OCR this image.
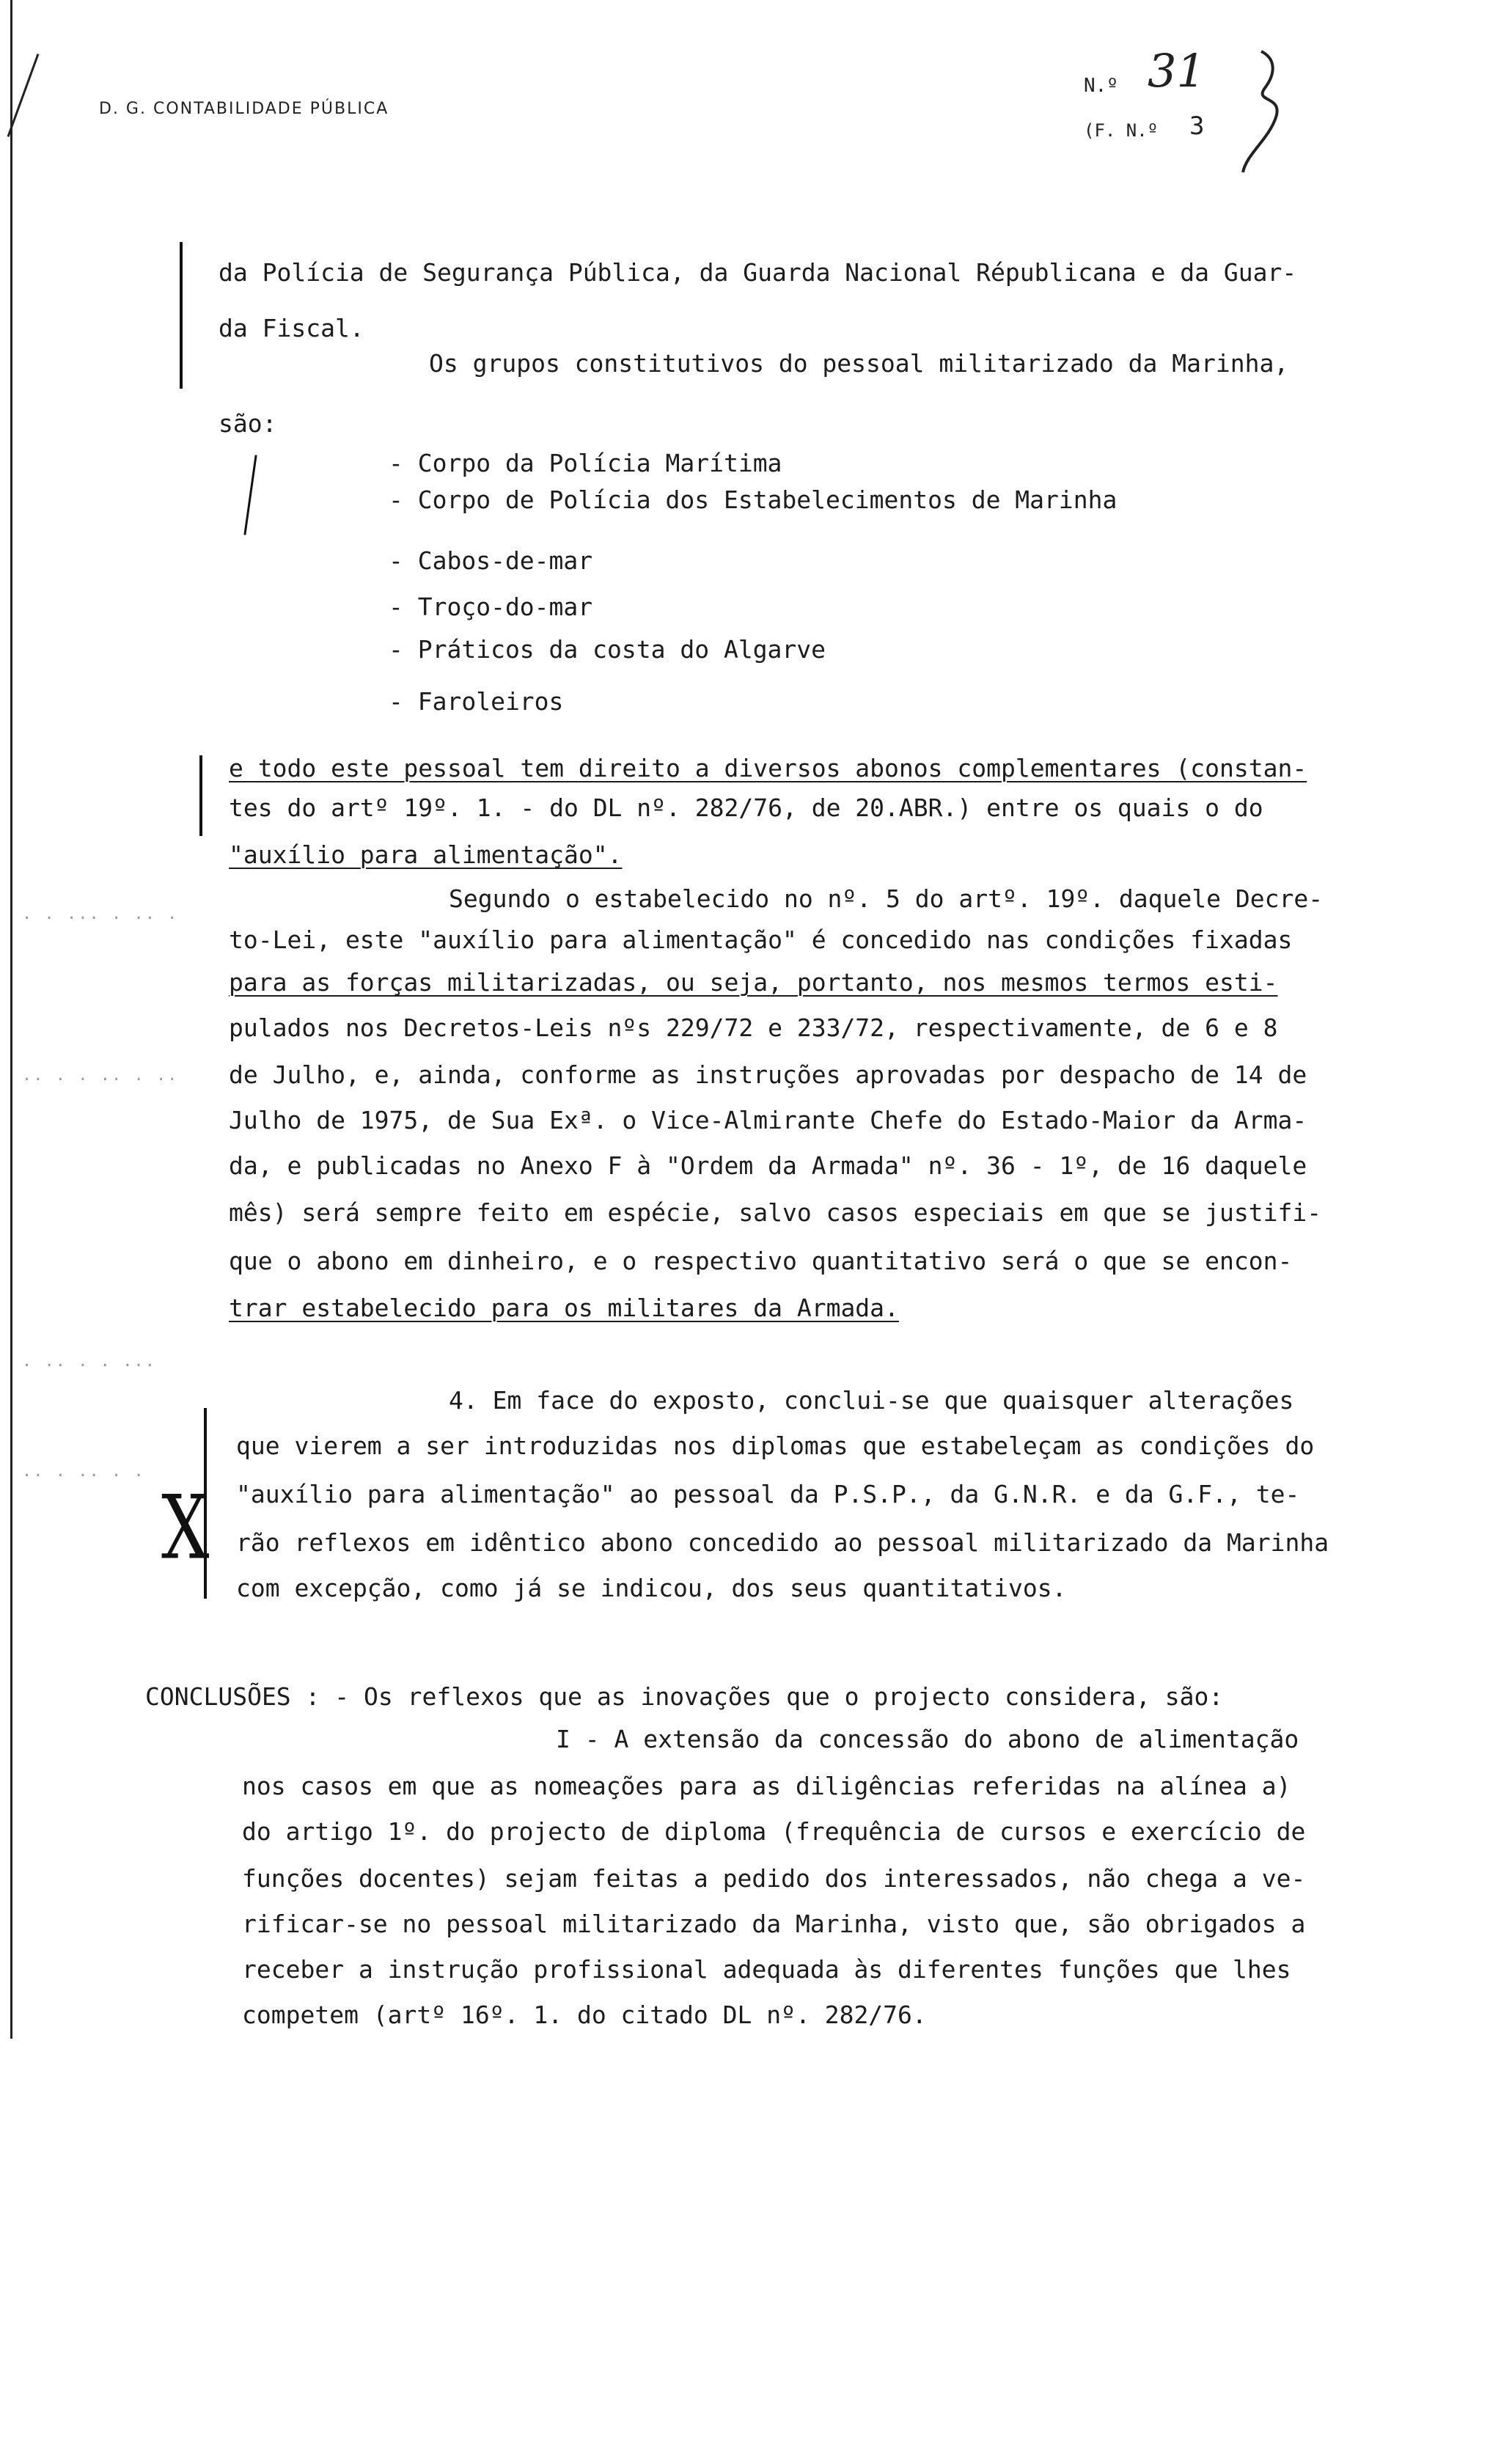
· · ··· · ·· ·
·· · · ·· · ··
· ·· · · ···
·· · ·· · ·
D. G. CONTABILIDADE PÚBLICA
N.º 31
(F. N.º 3
X
da Polícia de Segurança Pública, da Guarda Nacional Républicana e da Guar-
da Fiscal.
Os grupos constitutivos do pessoal militarizado da Marinha,
são:
- Corpo da Polícia Marítima
- Corpo de Polícia dos Estabelecimentos de Marinha
- Cabos-de-mar
- Troço-do-mar
- Práticos da costa do Algarve
- Faroleiros
e todo este pessoal tem direito a diversos abonos complementares (constan-
tes do artº 19º. 1. - do DL nº. 282/76, de 20.ABR.) entre os quais o do
"auxílio para alimentação".
Segundo o estabelecido no nº. 5 do artº. 19º. daquele Decre-
to-Lei, este "auxílio para alimentação" é concedido nas condições fixadas
para as forças militarizadas, ou seja, portanto, nos mesmos termos esti-
pulados nos Decretos-Leis nºs 229/72 e 233/72, respectivamente, de 6 e 8
de Julho, e, ainda, conforme as instruções aprovadas por despacho de 14 de
Julho de 1975, de Sua Exª. o Vice-Almirante Chefe do Estado-Maior da Arma-
da, e publicadas no Anexo F à "Ordem da Armada" nº. 36 - 1º, de 16 daquele
mês) será sempre feito em espécie, salvo casos especiais em que se justifi-
que o abono em dinheiro, e o respectivo quantitativo será o que se encon-
trar estabelecido para os militares da Armada.
4. Em face do exposto, conclui-se que quaisquer alterações
que vierem a ser introduzidas nos diplomas que estabeleçam as condições do
"auxílio para alimentação" ao pessoal da P.S.P., da G.N.R. e da G.F., te-
rão reflexos em idêntico abono concedido ao pessoal militarizado da Marinha
com excepção, como já se indicou, dos seus quantitativos.
CONCLUSÕES : - Os reflexos que as inovações que o projecto considera, são:
I - A extensão da concessão do abono de alimentação
nos casos em que as nomeações para as diligências referidas na alínea a)
do artigo 1º. do projecto de diploma (frequência de cursos e exercício de
funções docentes) sejam feitas a pedido dos interessados, não chega a ve-
rificar-se no pessoal militarizado da Marinha, visto que, são obrigados a
receber a instrução profissional adequada às diferentes funções que lhes
competem (artº 16º. 1. do citado DL nº. 282/76.
